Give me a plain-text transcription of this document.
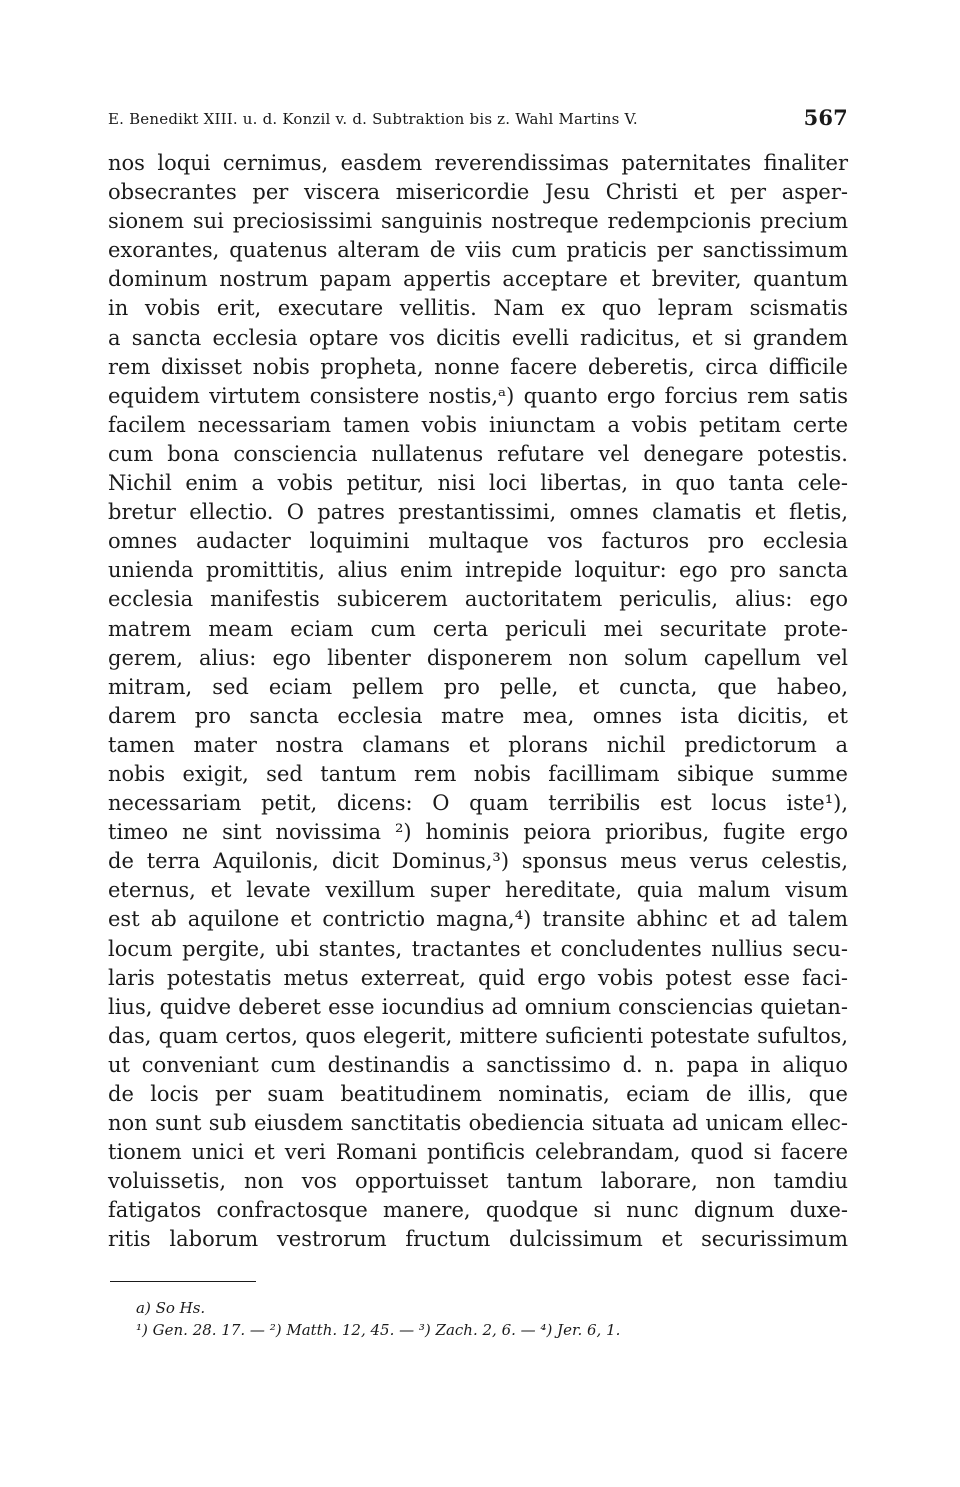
E. Benedikt XIII. u. d. Konzil v. d. Subtraktion bis z. Wahl Martins V.	567
nos loqui cernimus, easdem reverendissimas paternitates finaliter
obsecrantes per viscera misericordie Jesu Christi et per asper-
sionem sui preciosissimi sanguinis nostreque redempcionis precium
exorantes, quatenus alteram de viis cum praticis per sanctissimum
dominum nostrum papam appertis acceptare et breviter, quantum
in vobis erit, executare vellitis. Nam ex quo lepram scismatis
a sancta ecclesia optare vos dicitis evelli radicitus, et si grandem
rem dixisset nobis propheta, nonne facere deberetis, circa difficile
equidem virtutem consistere nostis,ᵃ) quanto ergo forcius rem satis
facilem necessariam tamen vobis iniunctam a vobis petitam certe
cum bona consciencia nullatenus refutare vel denegare potestis.
Nichil enim a vobis petitur, nisi loci libertas, in quo tanta cele-
bretur ellectio. O patres prestantissimi, omnes clamatis et fletis,
omnes audacter loquimini multaque vos facturos pro ecclesia
unienda promittitis, alius enim intrepide loquitur: ego pro sancta
ecclesia manifestis subicerem auctoritatem periculis, alius: ego
matrem meam eciam cum certa periculi mei securitate prote-
gerem, alius: ego libenter disponerem non solum capellum vel
mitram, sed eciam pellem pro pelle, et cuncta, que habeo,
darem pro sancta ecclesia matre mea, omnes ista dicitis, et
tamen mater nostra clamans et plorans nichil predictorum a
nobis exigit, sed tantum rem nobis facillimam sibique summe
necessariam petit, dicens: O quam terribilis est locus iste¹),
timeo ne sint novissima ²) hominis peiora prioribus, fugite ergo
de terra Aquilonis, dicit Dominus,³) sponsus meus verus celestis,
eternus, et levate vexillum super hereditate, quia malum visum
est ab aquilone et contrictio magna,⁴) transite abhinc et ad talem
locum pergite, ubi stantes, tractantes et concludentes nullius secu-
laris potestatis metus exterreat, quid ergo vobis potest esse faci-
lius, quidve deberet esse iocundius ad omnium consciencias quietan-
das, quam certos, quos elegerit, mittere suficienti potestate sufultos,
ut conveniant cum destinandis a sanctissimo d. n. papa in aliquo
de locis per suam beatitudinem nominatis, eciam de illis, que
non sunt sub eiusdem sanctitatis obediencia situata ad unicam ellec-
tionem unici et veri Romani pontificis celebrandam, quod si facere
voluissetis, non vos opportuisset tantum laborare, non tamdiu
fatigatos confractosque manere, quodque si nunc dignum duxe-
ritis laborum vestrorum fructum dulcissimum et securissimum
a) So Hs.
¹) Gen. 28. 17. — ²) Matth. 12, 45. — ³) Zach. 2, 6. — ⁴) Jer. 6, 1.
